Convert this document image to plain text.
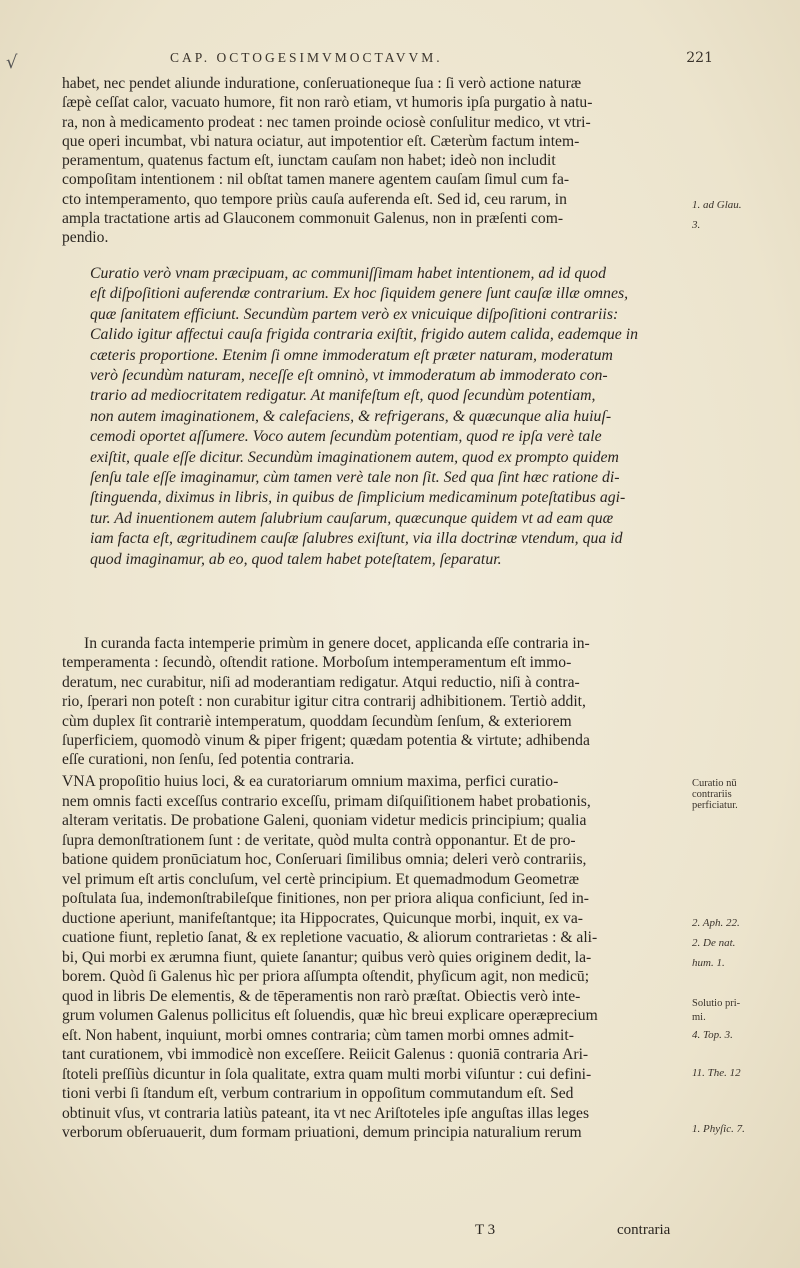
√	CAP. OCTOGESIMVMOCTAVVM.	221
habet, nec pendet aliunde induratione, conſeruationeque ſua : ſi verò actione naturæ
ſæpè ceſſat calor, vacuato humore, fit non rarò etiam, vt humoris ipſa purgatio à natu-
ra, non à medicamento prodeat : nec tamen proinde ociosè conſulitur medico, vt vtri-
que operi incumbat, vbi natura ociatur, aut impotentior eſt. Cæterùm factum intem-
peramentum, quatenus factum eſt, iunctam cauſam non habet; ideò non includit
compoſitam intentionem : nil obſtat tamen manere agentem cauſam ſimul cum fa-
cto intemperamento, quo tempore priùs cauſa auferenda eſt. Sed id, ceu rarum, in
ampla tractatione artis ad Glauconem commonuit Galenus, non in præſenti com-
pendio.
Curatio verò vnam præcipuam, ac communiſſimam habet intentionem, ad id quod
eſt diſpoſitioni auferendæ contrarium. Ex hoc ſiquidem genere ſunt cauſæ illæ omnes,
quæ ſanitatem efficiunt. Secundùm partem verò ex vnicuique diſpoſitioni contrariis:
Calido igitur affectui cauſa frigida contraria exiſtit, frigido autem calida, eademque in
cæteris proportione. Etenim ſi omne immoderatum eſt præter naturam, moderatum
verò ſecundùm naturam, neceſſe eſt omninò, vt immoderatum ab immoderato con-
trario ad mediocritatem redigatur. At manifeſtum eſt, quod ſecundùm potentiam,
non autem imaginationem, & calefaciens, & refrigerans, & quæcunque alia huiuſ-
cemodi oportet aſſumere. Voco autem ſecundùm potentiam, quod re ipſa verè tale
exiſtit, quale eſſe dicitur. Secundùm imaginationem autem, quod ex prompto quidem
ſenſu tale eſſe imaginamur, cùm tamen verè tale non ſit. Sed qua ſint hæc ratione di-
ſtinguenda, diximus in libris, in quibus de ſimplicium medicaminum poteſtatibus agi-
tur. Ad inuentionem autem ſalubrium cauſarum, quæcunque quidem vt ad eam quæ
iam facta eſt, ægritudinem cauſæ ſalubres exiſtunt, via illa doctrinæ vtendum, qua id
quod imaginamur, ab eo, quod talem habet poteſtatem, ſeparatur.
In curanda facta intemperie primùm in genere docet, applicanda eſſe contraria in-
temperamenta : ſecundò, oſtendit ratione. Morboſum intemperamentum eſt immo-
deratum, nec curabitur, niſi ad moderantiam redigatur. Atqui reductio, niſi à contra-
rio, ſperari non poteſt : non curabitur igitur citra contrarij adhibitionem. Tertiò addit,
cùm duplex ſit contrariè intemperatum, quoddam ſecundùm ſenſum, & exteriorem
ſuperficiem, quomodò vinum & piper frigent; quædam potentia & virtute; adhibenda
eſſe curationi, non ſenſu, ſed potentia contraria.
VNA propoſitio huius loci, & ea curatoriarum omnium maxima, perfici curatio-
nem omnis facti exceſſus contrario exceſſu, primam diſquiſitionem habet probationis,
alteram veritatis. De probatione Galeni, quoniam videtur medicis principium; qualia
ſupra demonſtrationem ſunt : de veritate, quòd multa contrà opponantur. Et de pro-
batione quidem pronūciatum hoc, Conſeruari ſimilibus omnia; deleri verò contrariis,
vel primum eſt artis concluſum, vel certè principium. Et quemadmodum Geometræ
poſtulata ſua, indemonſtrabileſque finitiones, non per priora aliqua conficiunt, ſed in-
ductione aperiunt, manifeſtantque; ita Hippocrates, Quicunque morbi, inquit, ex va-
cuatione fiunt, repletio ſanat, & ex repletione vacuatio, & aliorum contrarietas : & ali-
bi, Qui morbi ex ærumna fiunt, quiete ſanantur; quibus verò quies originem dedit, la-
borem. Quòd ſi Galenus hìc per priora aſſumpta oſtendit, phyſicum agit, non medicū;
quod in libris De elementis, & de tēperamentis non rarò præſtat. Obiectis verò inte-
grum volumen Galenus pollicitus eſt ſoluendis, quæ hìc breui explicare operæprecium
eſt. Non habent, inquiunt, morbi omnes contraria; cùm tamen morbi omnes admit-
tant curationem, vbi immodicè non exceſſere. Reiicit Galenus : quoniā contraria Ari-
ſtoteli preſſiùs dicuntur in ſola qualitate, extra quam multi morbi viſuntur : cui defini-
tioni verbi ſi ſtandum eſt, verbum contrarium in oppoſitum commutandum eſt. Sed
obtinuit vſus, vt contraria latiùs pateant, ita vt nec Ariſtoteles ipſe anguſtas illas leges
verborum obſeruauerit, dum formam priuationi, demum principia naturalium rerum
1. ad Glau.
3.
Curatio nū contrariis perficiatur.
2. Aph. 22.
2. De nat.
hum. 1.
Solutio pri-
mi.
4. Top. 3.
11. The. 12
1. Phyſic. 7.
T 3	contraria
